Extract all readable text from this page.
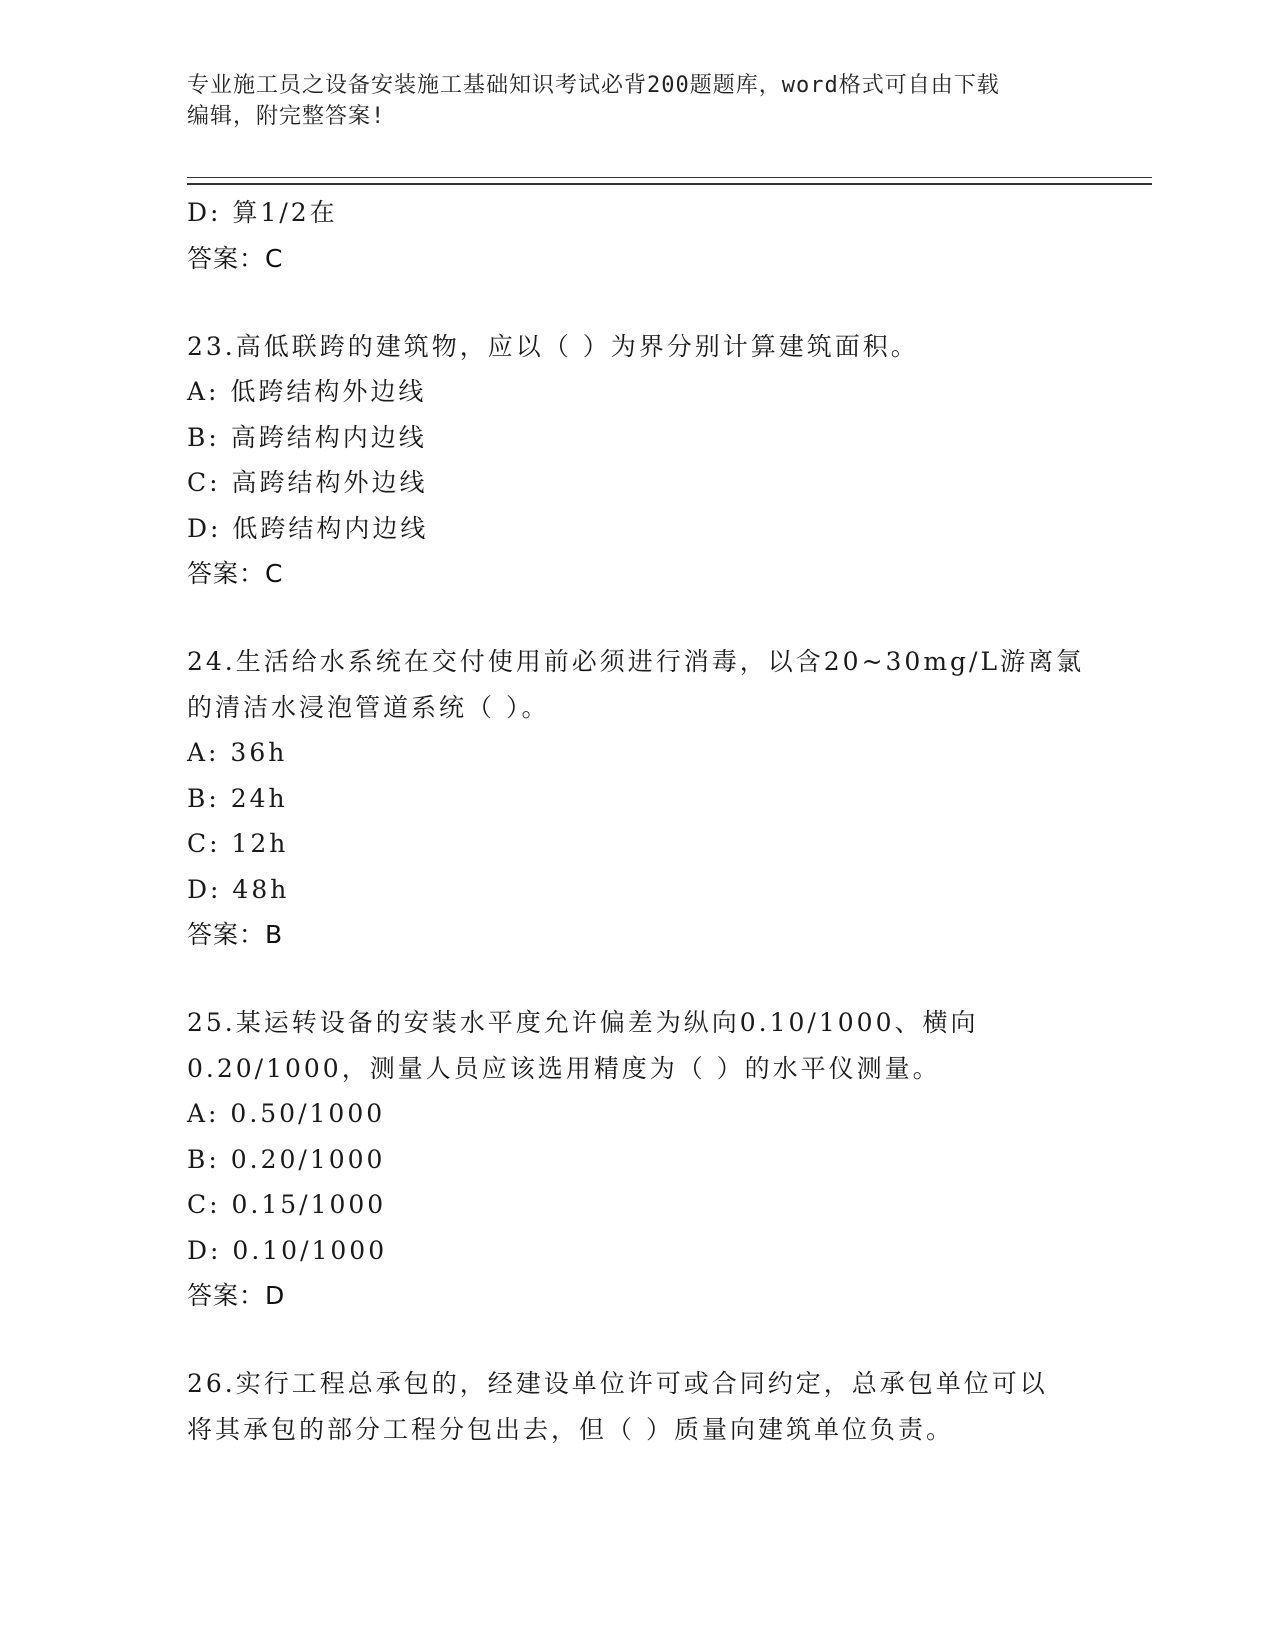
专业施工员之设备安装施工基础知识考试必背200题题库，word格式可自由下载
编辑，附完整答案!
D: 算1/2在
答案：C
23.高低联跨的建筑物，应以（ ）为界分别计算建筑面积。
A: 低跨结构外边线
B: 高跨结构内边线
C: 高跨结构外边线
D: 低跨结构内边线
答案：C
24.生活给水系统在交付使用前必须进行消毒，以含20~30mg/L游离氯
的清洁水浸泡管道系统（ ）。
A: 36h
B: 24h
C: 12h
D: 48h
答案：B
25.某运转设备的安装水平度允许偏差为纵向0.10/1000、横向
0.20/1000，测量人员应该选用精度为（ ）的水平仪测量。
A: 0.50/1000
B: 0.20/1000
C: 0.15/1000
D: 0.10/1000
答案：D
26.实行工程总承包的，经建设单位许可或合同约定，总承包单位可以
将其承包的部分工程分包出去，但（ ）质量向建筑单位负责。
